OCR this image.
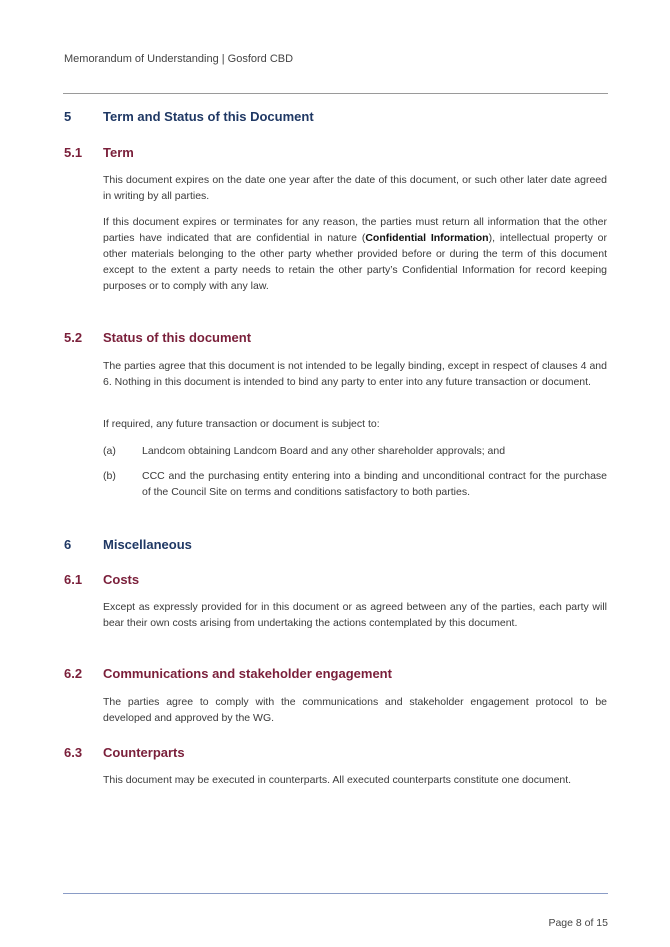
Memorandum of Understanding | Gosford CBD
5 Term and Status of this Document
5.1 Term

This document expires on the date one year after the date of this document, or such other later date agreed in writing by all parties.

If this document expires or terminates for any reason, the parties must return all information that the other parties have indicated that are confidential in nature (Confidential Information), intellectual property or other materials belonging to the other party whether provided before or during the term of this document except to the extent a party needs to retain the other party’s Confidential Information for record keeping purposes or to comply with any law.

5.2 Status of this document

The parties agree that this document is not intended to be legally binding, except in respect of clauses 4 and 6. Nothing in this document is intended to bind any party to enter into any future transaction or document.

If required, any future transaction or document is subject to:

(a) Landcom obtaining Landcom Board and any other shareholder approvals; and
(b) CCC and the purchasing entity entering into a binding and unconditional contract for the purchase of the Council Site on terms and conditions satisfactory to both parties.
6 Miscellaneous
6.1 Costs

Except as expressly provided for in this document or as agreed between any of the parties, each party will bear their own costs arising from undertaking the actions contemplated by this document.

6.2 Communications and stakeholder engagement

The parties agree to comply with the communications and stakeholder engagement protocol to be developed and approved by the WG.

6.3 Counterparts

This document may be executed in counterparts. All executed counterparts constitute one document.

Page 8 of 15
